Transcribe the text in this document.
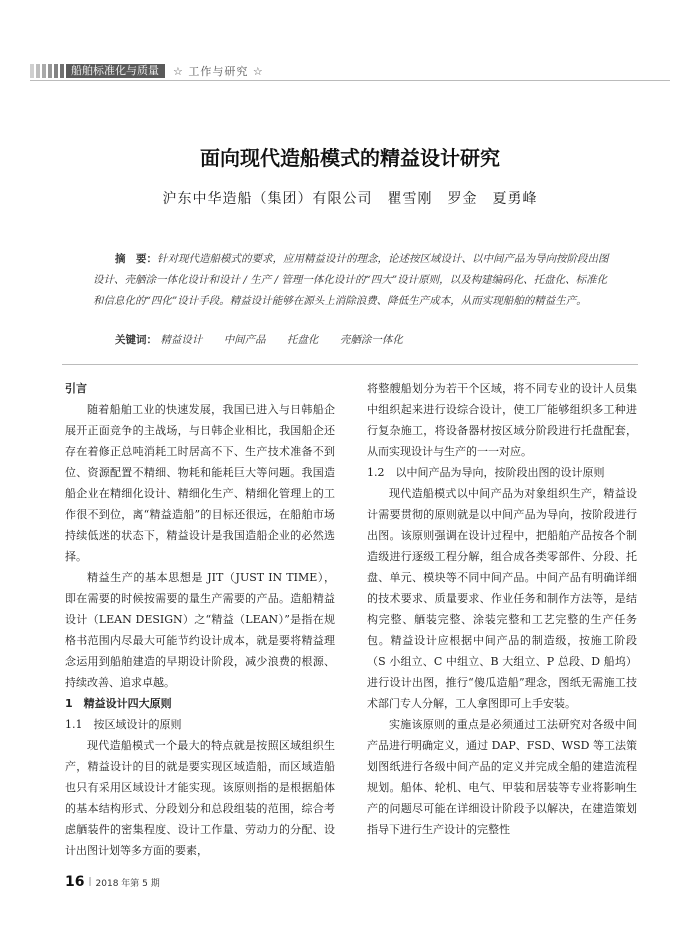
船舶标准化与质量	☆ 工作与研究 ☆
面向现代造船模式的精益设计研究
沪东中华造船（集团）有限公司　瞿雪刚　罗金　夏勇峰
摘　要：针对现代造船模式的要求，应用精益设计的理念，论述按区域设计、以中间产品为导向按阶段出图设计、壳舾涂一体化设计和设计 / 生产 / 管理一体化设计的“四大”设计原则，以及构建编码化、托盘化、标准化和信息化的“四化”设计手段。精益设计能够在源头上消除浪费、降低生产成本，从而实现船舶的精益生产。
关键词： 精益设计 中间产品 托盘化 壳舾涂一体化

引言

随着船舶工业的快速发展，我国已进入与日韩船企展开正面竞争的主战场，与日韩企业相比，我国船企还存在着修正总吨消耗工时居高不下、生产技术准备不到位、资源配置不精细、物耗和能耗巨大等问题。我国造船企业在精细化设计、精细化生产、精细化管理上的工作很不到位，离“精益造船”的目标还很远，在船舶市场持续低迷的状态下，精益设计是我国造船企业的必然选择。

精益生产的基本思想是 JIT（JUST IN TIME），即在需要的时候按需要的量生产需要的产品。造船精益设计（LEAN DESIGN）之“精益（LEAN）”是指在规格书范围内尽最大可能节约设计成本，就是要将精益理念运用到船舶建造的早期设计阶段，减少浪费的根源、持续改善、追求卓越。

1　精益设计四大原则

1.1　按区域设计的原则

现代造船模式一个最大的特点就是按照区域组织生产，精益设计的目的就是要实现区域造船，而区域造船也只有采用区域设计才能实现。该原则指的是根据船体的基本结构形式、分段划分和总段组装的范围，综合考虑舾装件的密集程度、设计工作量、劳动力的分配、设计出图计划等多方面的要素，

将整艘船划分为若干个区域，将不同专业的设计人员集中组织起来进行设综合设计，使工厂能够组织多工种进行复杂施工，将设备器材按区域分阶段进行托盘配套，从而实现设计与生产的一一对应。

1.2　以中间产品为导向，按阶段出图的设计原则

现代造船模式以中间产品为对象组织生产，精益设计需要贯彻的原则就是以中间产品为导向，按阶段进行出图。该原则强调在设计过程中，把船舶产品按各个制造级进行逐级工程分解，组合成各类零部件、分段、托盘、单元、模块等不同中间产品。中间产品有明确详细的技术要求、质量要求、作业任务和制作方法等，是结构完整、舾装完整、涂装完整和工艺完整的生产任务包。精益设计应根据中间产品的制造级，按施工阶段（S 小组立、C 中组立、B 大组立、P 总段、D 船坞）进行设计出图，推行“傻瓜造船”理念，图纸无需施工技术部门专人分解，工人拿图即可上手安装。

实施该原则的重点是必须通过工法研究对各级中间产品进行明确定义，通过 DAP、FSD、WSD 等工法策划图纸进行各级中间产品的定义并完成全船的建造流程规划。船体、轮机、电气、甲装和居装等专业将影响生产的问题尽可能在详细设计阶段予以解决，在建造策划指导下进行生产设计的完整性

16 | 2018 年第 5 期
